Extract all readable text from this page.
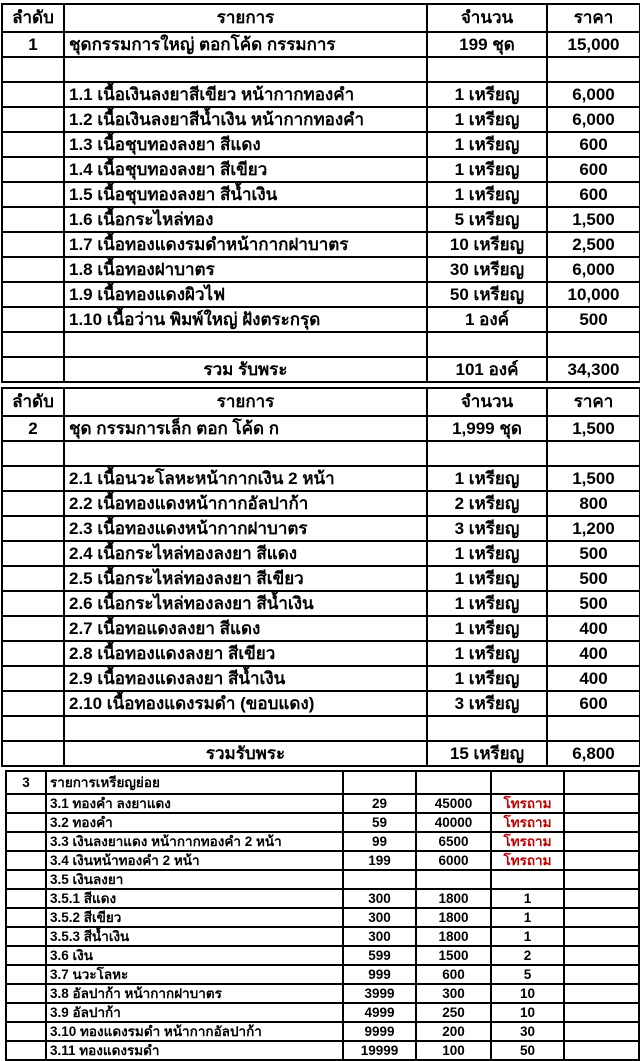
ลำดับ	รายการ	จำนวน	ราคา
1	ชุดกรรมการใหญ่ ตอกโค้ด กรรมการ	199 ชุด	15,000

	1.1 เนื้อเงินลงยาสีเขียว หน้ากากทองคำ	1 เหรียญ	6,000
	1.2 เนื้อเงินลงยาสีน้ำเงิน หน้ากากทองคำ	1 เหรียญ	6,000
	1.3 เนื้อชุบทองลงยา สีแดง	1 เหรียญ	600
	1.4 เนื้อชุบทองลงยา สีเขียว	1 เหรียญ	600
	1.5 เนื้อชุบทองลงยา สีน้ำเงิน	1 เหรียญ	600
	1.6 เนื้อกระไหล่ทอง	5 เหรียญ	1,500
	1.7 เนื้อทองแดงรมดำหน้ากากฝาบาตร	10 เหรียญ	2,500
	1.8 เนื้อทองฝาบาตร	30 เหรียญ	6,000
	1.9 เนื้อทองแดงผิวไฟ	50 เหรียญ	10,000
	1.10 เนื้อว่าน พิมพ์ใหญ่ ฝังตระกรุด	1 องค์	500

	รวม รับพระ	101 องค์	34,300
ลำดับ	รายการ	จำนวน	ราคา
2	ชุด กรรมการเล็ก ตอก โค้ด ก	1,999 ชุด	1,500

	2.1 เนื้อนวะโลหะหน้ากากเงิน 2 หน้า	1 เหรียญ	1,500
	2.2 เนื้อทองแดงหน้ากากอัลปาก้า	2 เหรียญ	800
	2.3 เนื้อทองแดงหน้ากากฝาบาตร	3 เหรียญ	1,200
	2.4 เนื้อกระไหล่ทองลงยา สีแดง	1 เหรียญ	500
	2.5 เนื้อกระไหล่ทองลงยา สีเขียว	1 เหรียญ	500
	2.6 เนื้อกระไหล่ทองลงยา สีน้ำเงิน	1 เหรียญ	500
	2.7 เนื้อทอแดงลงยา สีแดง	1 เหรียญ	400
	2.8 เนื้อทองแดงลงยา สีเขียว	1 เหรียญ	400
	2.9 เนื้อทองแดงลงยา สีน้ำเงิน	1 เหรียญ	400
	2.10 เนื้อทองแดงรมดำ (ขอบแดง)	3 เหรียญ	600

	รวมรับพระ	15 เหรียญ	6,800
3	รายการเหรียญย่อย				
	3.1 ทองคำ ลงยาแดง	29	45000	โทรถาม	
	3.2 ทองคำ	59	40000	โทรถาม	
	3.3 เงินลงยาแดง หน้ากากทองคำ 2 หน้า	99	6500	โทรถาม	
	3.4 เงินหน้าทองคำ 2 หน้า	199	6000	โทรถาม	
	3.5 เงินลงยา				
	3.5.1 สีแดง	300	1800	1	
	3.5.2 สีเขียว	300	1800	1	
	3.5.3 สีน้ำเงิน	300	1800	1	
	3.6 เงิน	599	1500	2	
	3.7 นวะโลหะ	999	600	5	
	3.8 อัลปาก้า หน้ากากฝาบาตร	3999	300	10	
	3.9 อัลปาก้า	4999	250	10	
	3.10 ทองแดงรมดำ หน้ากากอัลปาก้า	9999	200	30	
	3.11 ทองแดงรมดำ	19999	100	50	
